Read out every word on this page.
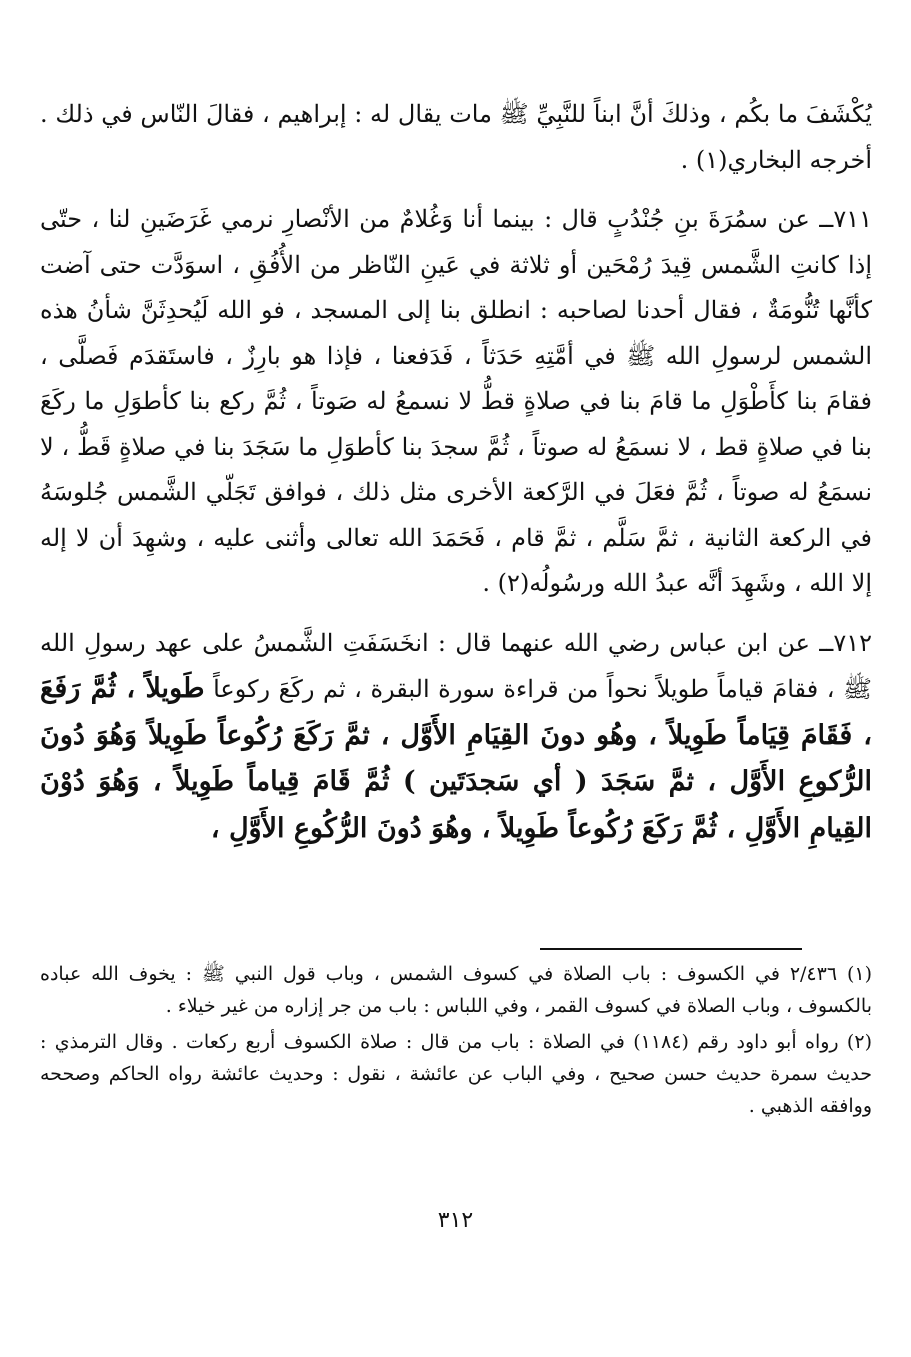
يُكْشَفَ ما بكُم ، وذلكَ أنَّ ابناً للنَّبِيِّ ﷺ مات يقال له : إبراهيم ، فقالَ النّاس في ذلك . أخرجه البخاري(١) .

٧١١ــ عن سمُرَةَ بنِ جُنْدُبٍ قال : بينما أنا وَغُلامٌ من الأنْصارِ نرمي غَرَضَينِ لنا ، حتّى إذا كانتِ الشَّمس قِيدَ رُمْحَين أو ثلاثة في عَينِ النّاظر من الأُفُقِ ، اسوَدَّت حتى آضت كأنَّها تُنُّومَةٌ ، فقال أحدنا لصاحبه : انطلق بنا إلى المسجد ، فو الله لَيُحدِثَنَّ شأنُ هذه الشمس لرسولِ الله ﷺ في أمَّتِهِ حَدَثاً ، فَدَفعنا ، فإذا هو بارِزٌ ، فاستَقدَم فَصلَّى ، فقامَ بنا كأَطْوَلِ ما قامَ بنا في صلاةٍ قطُّ لا نسمعُ له صَوتاً ، ثُمَّ ركع بنا كأطوَلِ ما ركَعَ بنا في صلاةٍ قط ، لا نسمَعُ له صوتاً ، ثُمَّ سجدَ بنا كأطوَلِ ما سَجَدَ بنا في صلاةٍ قَطُّ ، لا نسمَعُ له صوتاً ، ثُمَّ فعَلَ في الرَّكعة الأخرى مثل ذلك ، فوافق تَجَلّي الشَّمس جُلوسَهُ في الركعة الثانية ، ثمَّ سَلَّم ، ثمَّ قام ، فَحَمَدَ الله تعالى وأثنى عليه ، وشهِدَ أن لا إله إلا الله ، وشَهِدَ أنَّه عبدُ الله ورسُولُه(٢) .

٧١٢ــ عن ابن عباس رضي الله عنهما قال : انخَسَفَتِ الشَّمسُ على عهد رسولِ الله ﷺ ، فقامَ قياماً طويلاً نحواً من قراءة سورة البقرة ، ثم ركَعَ ركوعاً طَويلاً ، ثُمَّ رَفَعَ ، فَقَامَ قِيَاماً طَوِيلاً ، وهُو دونَ القِيَامِ الأَوَّل ، ثمَّ رَكَعَ رُكُوعاً طَوِيلاً وَهُوَ دُونَ الرُّكوعِ الأَوَّل ، ثمَّ سَجَدَ ( أي سَجدَتَين ) ثُمَّ قَامَ قِياماً طَوِيلاً ، وَهُوَ دُوْنَ القِيامِ الأَوَّلِ ، ثُمَّ رَكَعَ رُكُوعاً طَوِيلاً ، وهُوَ دُونَ الرُّكُوعِ الأَوَّلِ ،

(١) ٢/٤٣٦ في الكسوف : باب الصلاة في كسوف الشمس ، وباب قول النبي ﷺ : يخوف الله عباده بالكسوف ، وباب الصلاة في كسوف القمر ، وفي اللباس : باب من جر إزاره من غير خيلاء .

(٢) رواه أبو داود رقم (١١٨٤) في الصلاة : باب من قال : صلاة الكسوف أربع ركعات . وقال الترمذي : حديث سمرة حديث حسن صحيح ، وفي الباب عن عائشة ، نقول : وحديث عائشة رواه الحاكم وصححه ووافقه الذهبي .

٣١٢
